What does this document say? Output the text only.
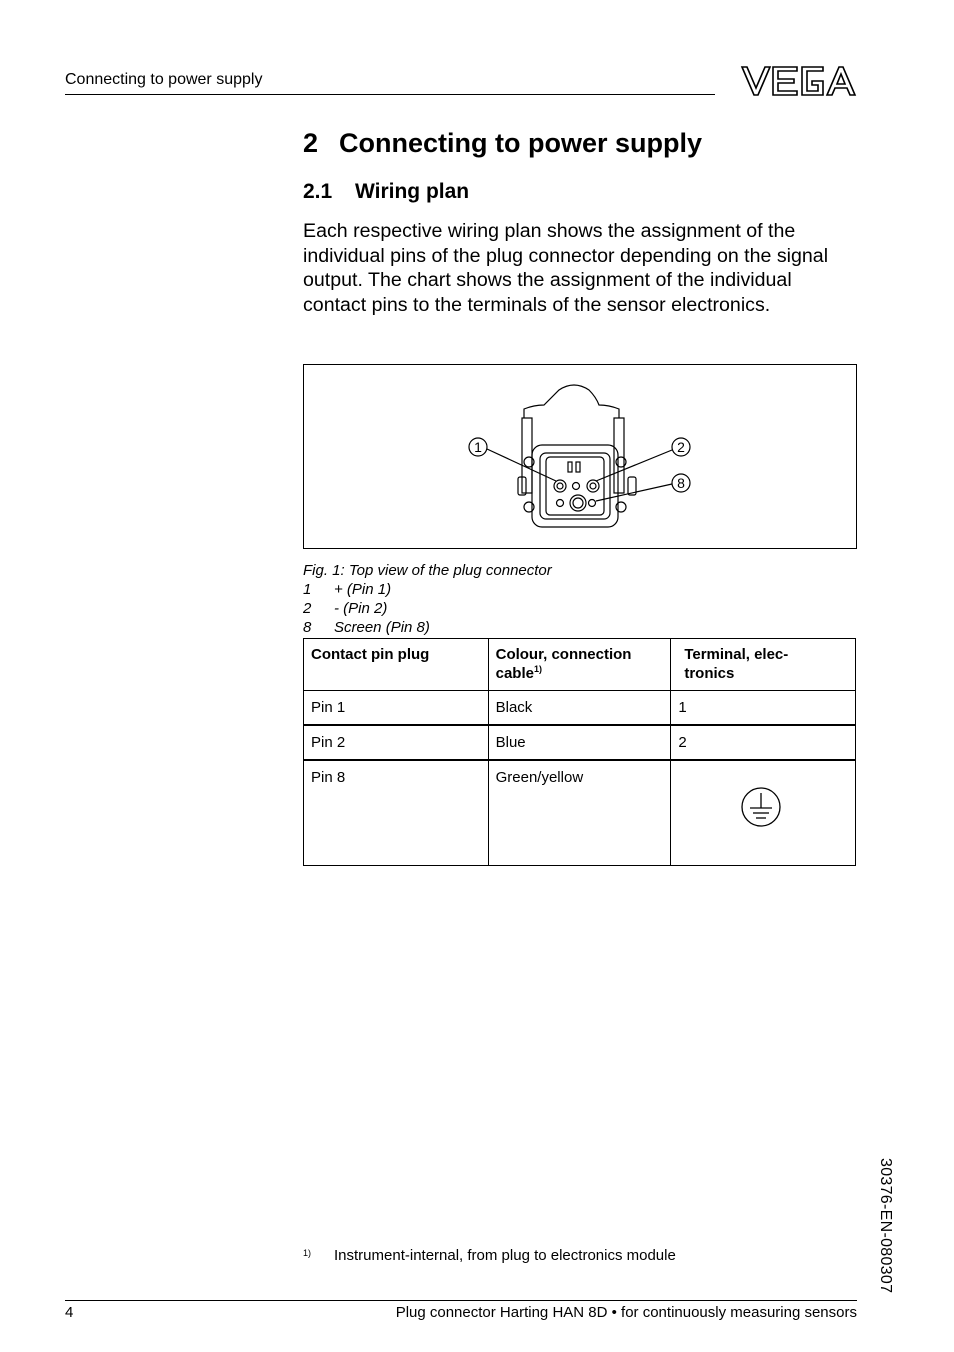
Connecting to power supply
VEGA
2 Connecting to power supply
2.1 Wiring plan
Each respective wiring plan shows the assignment of the individual pins of the plug connector depending on the signal output. The chart shows the assignment of the individual contact pins to the terminals of the sensor electronics.
1	2
8
Fig. 1: Top view of the plug connector
1 + (Pin 1)
2 - (Pin 2)
8 Screen (Pin 8)
Contact pin plug	Colour, connection cable$^{1)}$	Terminal, elec-
tronics
Pin 1	Black	1
Pin 2	Blue	2
Pin 8	Green/yellow	
1) Instrument-internal, from plug to electronics module	30376-EN-080307
4	Plug connector Harting HAN 8D • for continuously measuring sensors
